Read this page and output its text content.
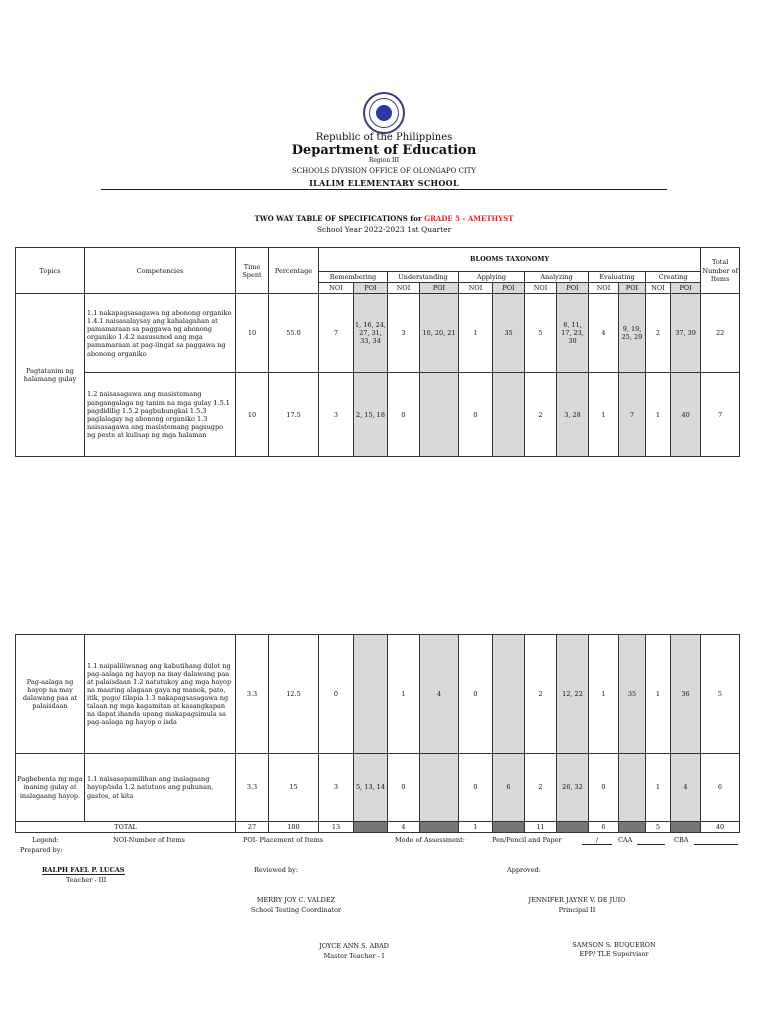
Republic of the Philippines
Department of Education
Region III
SCHOOLS DIVISION OFFICE OF OLONGAPO CITY
ILALIM ELEMENTARY SCHOOL
TWO WAY TABLE OF SPECIFICATIONS for GRADE 5 - AMETHYST
School Year 2022-2023 1st Quarter
Topics	Competencies	Time Spent	Percentage	BLOOMS TAXONOMY												Total Number of Items
				Remembering		Understanding		Applying		Analyzing		Evaluating		Creating		
				NOI	POI	NOI	POI	NOI	POI	NOI	POI	NOI	POI	NOI	POI	
Pagtatanim ng halamang gulay	1.1 nakapagsasagawa ng abonong organiko 1.4.1 naisasalaysay ang kahalagahan at pamamaraan sa paggawa ng abonong organiko 1.4.2 nasusunod ang mga pamamaraan at pag-iingat sa paggawa ng abonong organiko	10	55.0	7	1, 16, 24, 27, 31, 33, 34	3	10, 20, 21	1	35	5	8, 11, 17, 23, 30	4	9, 19, 25, 29	2	37, 39	22
	1.2 naisasagawa ang masistemang pangangalaga ng tanim na mga gulay 1.5.1 pagdidilig 1.5.2 pagbubungkal 1.5.3 paglalagay ng abonong organiko 1.3 naisasagawa ang masistemang pagsugpo ng peste at kulisap ng mga halaman	10	17.5	3	2, 15, 18	0		0		2	3, 28	1	7	1	40	7
Pag-aalaga ng hayop na may dalawang paa at palaisdaan	1.1 naipaliliwanag ang kabutihang dulot ng pag-aalaga ng hayop na may dalawang paa at palaisdaan 1.2 natutukoy ang mga hayop na maaring alagaan gaya ng manok, pato, itik, pugo/ tilapia 1.3 nakapagsasagawa ng talaan ng mga kagamitan at kasangkapan na dapat ihanda upang makapagsimula sa pag-aalaga ng hayop o isda	3.3	12.5	0		1	4	0		2	12, 22	1	35	1	36	5
Pagbebenta ng mga inaning gulay at inalagaang hayop.	1.1 naisasapamilihan ang inalagaang hayop/isda 1.2 natutuos ang puhunan, gastos, at kita	3.3	15	3	5, 13, 14	0		0	6	2	26, 32	0		1	4	6
TOTAL		27	100	13		4		1		11		6		5		40
Legend:	NOI-Number of Items	POI- Placement of Items	Mode of Assessment:	Pen/Pencil and Paper	/	CAA	CBA
Prepared by:
Reviewed by:	Approved:
RALPH FAEL P. LUCAS
Teacher - III
MERRY JOY C. VALDEZ
School Testing Coordinator
JENNIFER JAYNE V. DE JUIO
Principal II
JOYCE ANN S. ABAD
Master Teacher - I
SAMSON S. BUQUERON
EPP/ TLE Supervisor
